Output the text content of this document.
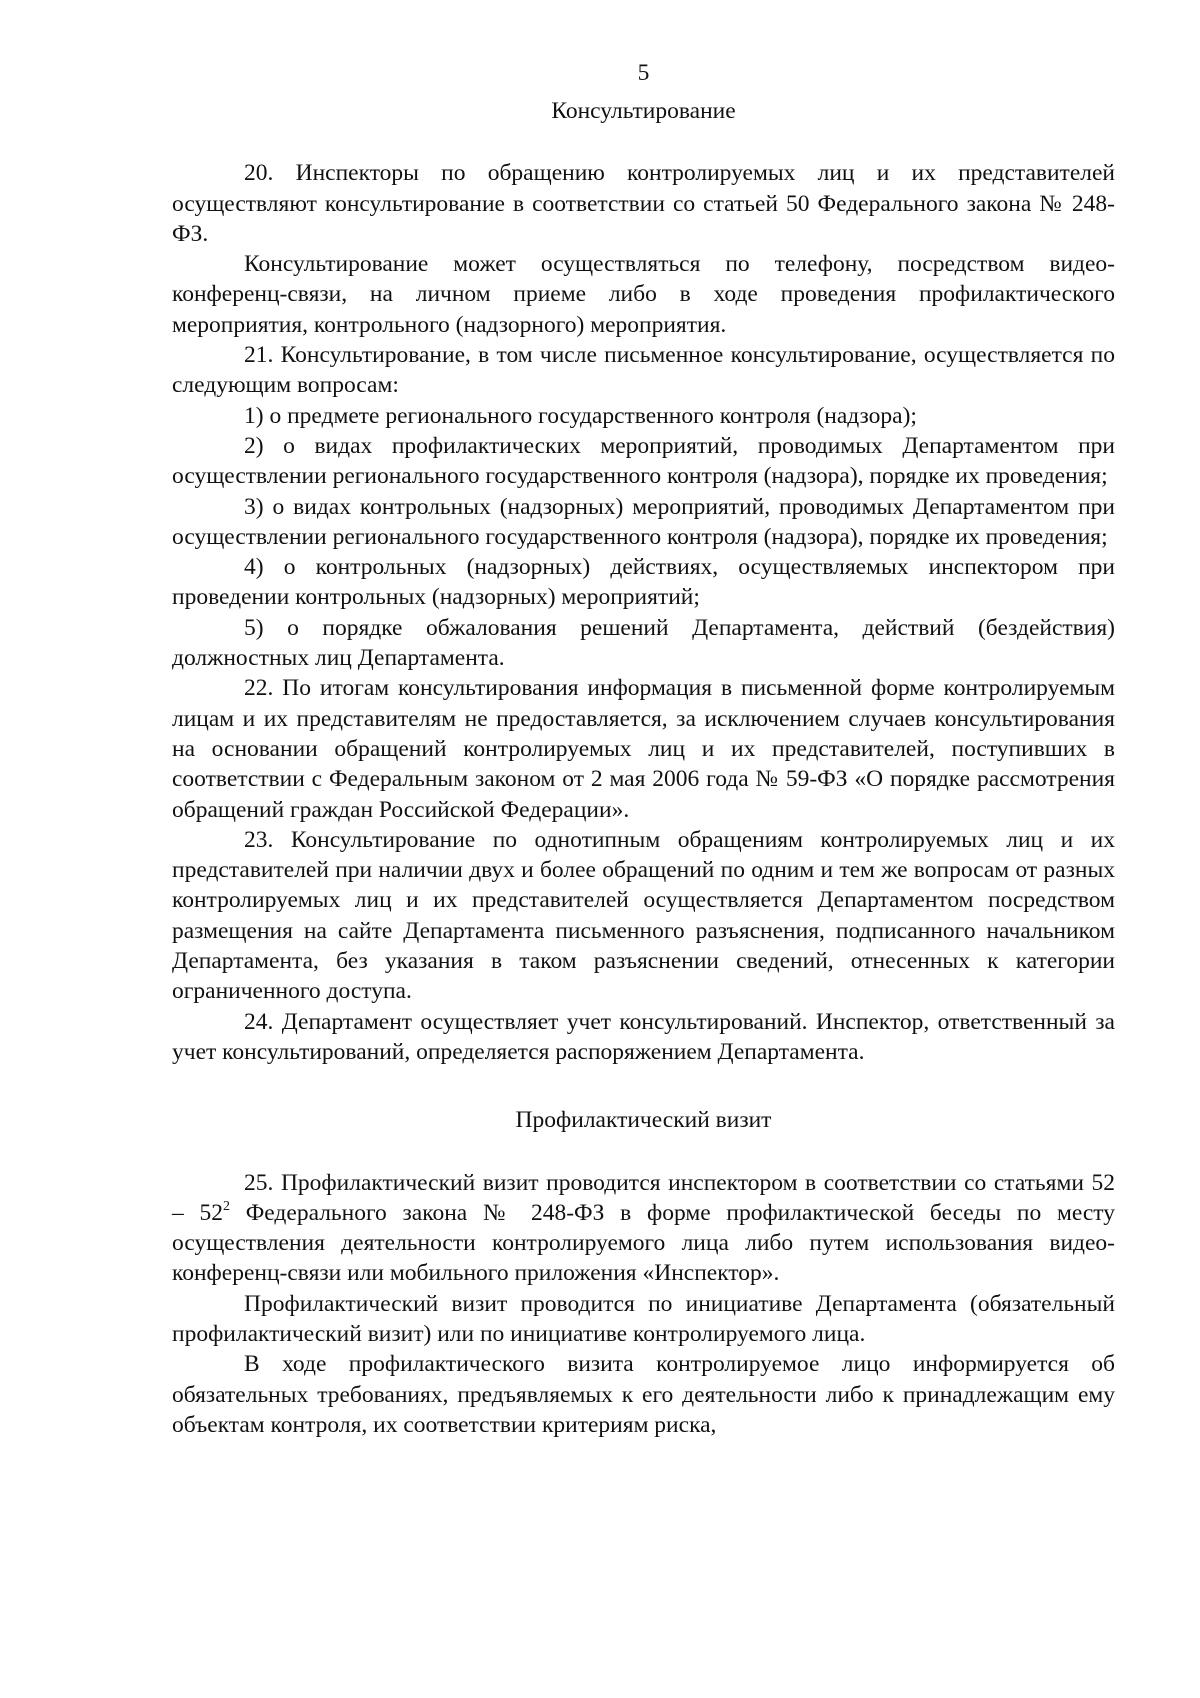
5
Консультирование

20. Инспекторы по обращению контролируемых лиц и их представителей осуществляют консультирование в соответствии со статьей 50 Федерального закона № 248-ФЗ.

Консультирование может осуществляться по телефону, посредством видео-конференц-связи, на личном приеме либо в ходе проведения профилактического мероприятия, контрольного (надзорного) мероприятия.

21. Консультирование, в том числе письменное консультирование, осуществляется по следующим вопросам:

1) о предмете регионального государственного контроля (надзора);

2) о видах профилактических мероприятий, проводимых Департаментом при осуществлении регионального государственного контроля (надзора), порядке их проведения;

3) о видах контрольных (надзорных) мероприятий, проводимых Департаментом при осуществлении регионального государственного контроля (надзора), порядке их проведения;

4) о контрольных (надзорных) действиях, осуществляемых инспектором при проведении контрольных (надзорных) мероприятий;

5) о порядке обжалования решений Департамента, действий (бездействия) должностных лиц Департамента.

22. По итогам консультирования информация в письменной форме контролируемым лицам и их представителям не предоставляется, за исключением случаев консультирования на основании обращений контролируемых лиц и их представителей, поступивших в соответствии с Федеральным законом от 2 мая 2006 года № 59-ФЗ «О порядке рассмотрения обращений граждан Российской Федерации».

23. Консультирование по однотипным обращениям контролируемых лиц и их представителей при наличии двух и более обращений по одним и тем же вопросам от разных контролируемых лиц и их представителей осуществляется Департаментом посредством размещения на сайте Департамента письменного разъяснения, подписанного начальником Департамента, без указания в таком разъяснении сведений, отнесенных к категории ограниченного доступа.

24. Департамент осуществляет учет консультирований. Инспектор, ответственный за учет консультирований, определяется распоряжением Департамента.

Профилактический визит

25. Профилактический визит проводится инспектором в соответствии со статьями $52 - 52^2$ Федерального закона № 248-ФЗ в форме профилактической беседы по месту осуществления деятельности контролируемого лица либо путем использования видео-конференц-связи или мобильного приложения «Инспектор».

Профилактический визит проводится по инициативе Департамента (обязательный профилактический визит) или по инициативе контролируемого лица.

В ходе профилактического визита контролируемое лицо информируется об обязательных требованиях, предъявляемых к его деятельности либо к принадлежащим ему объектам контроля, их соответствии критериям риска,
